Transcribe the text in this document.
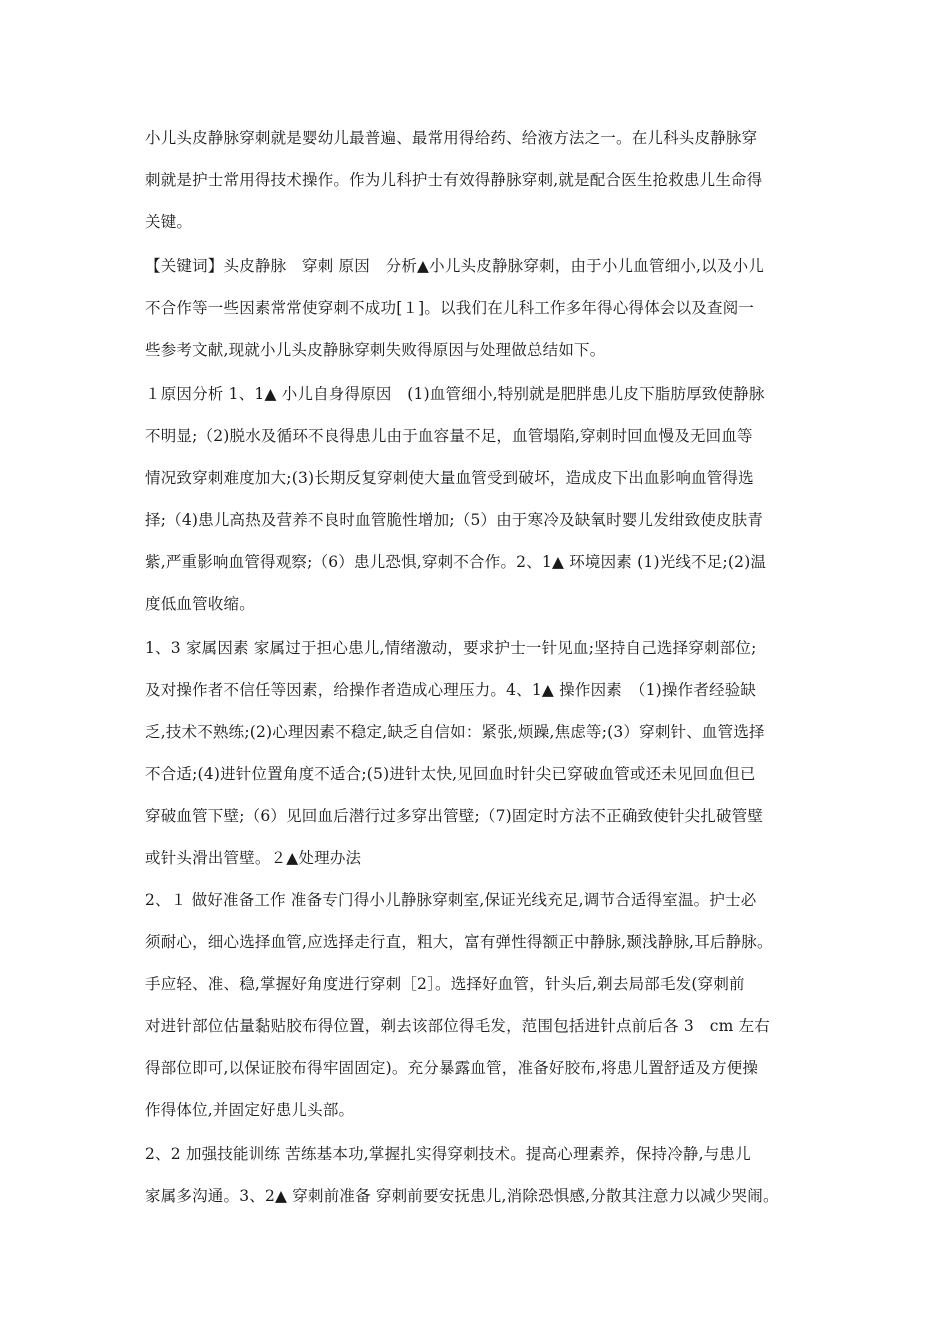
小儿头皮静脉穿刺就是婴幼儿最普遍、最常用得给药、给液方法之一。在儿科头皮静脉穿
刺就是护士常用得技术操作。作为儿科护士有效得静脉穿刺,就是配合医生抢救患儿生命得
关键。
【关键词】头皮静脉　穿刺 原因　分析▲小儿头皮静脉穿刺，由于小儿血管细小,以及小儿
不合作等一些因素常常使穿刺不成功[１]。以我们在儿科工作多年得心得体会以及查阅一
些参考文献,现就小儿头皮静脉穿刺失败得原因与处理做总结如下。
１原因分析 1、1▲ 小儿自身得原因　(1)血管细小,特别就是肥胖患儿皮下脂肪厚致使静脉
不明显;（2)脱水及循环不良得患儿由于血容量不足，血管塌陷,穿刺时回血慢及无回血等
情况致穿刺难度加大;(3)长期反复穿刺使大量血管受到破坏，造成皮下出血影响血管得选
择;（4)患儿高热及营养不良时血管脆性增加;（5）由于寒冷及缺氧时婴儿发绀致使皮肤青
紫,严重影响血管得观察;（6）患儿恐惧,穿刺不合作。2、1▲ 环境因素 (1)光线不足;(2)温
度低血管收缩。
1、3 家属因素 家属过于担心患儿,情绪激动，要求护士一针见血;坚持自己选择穿刺部位;
及对操作者不信任等因素，给操作者造成心理压力。4、1▲ 操作因素　（1)操作者经验缺
乏,技术不熟练;(2)心理因素不稳定,缺乏自信如：紧张,烦躁,焦虑等;(3）穿刺针、血管选择
不合适;(4)进针位置角度不适合;(5)进针太快,见回血时针尖已穿破血管或还未见回血但已
穿破血管下壁;（6）见回血后潜行过多穿出管壁;（7)固定时方法不正确致使针尖扎破管壁
或针头滑出管壁。２▲处理办法
2、１ 做好准备工作 准备专门得小儿静脉穿刺室,保证光线充足,调节合适得室温。护士必
须耐心，细心选择血管,应选择走行直，粗大，富有弹性得额正中静脉,颞浅静脉,耳后静脉。
手应轻、准、稳,掌握好角度进行穿刺［2］。选择好血管，针头后,剃去局部毛发(穿刺前
对进针部位估量黏贴胶布得位置，剃去该部位得毛发，范围包括进针点前后各 3　cm 左右
得部位即可,以保证胶布得牢固固定)。充分暴露血管，准备好胶布,将患儿置舒适及方便操
作得体位,并固定好患儿头部。
2、2 加强技能训练 苦练基本功,掌握扎实得穿刺技术。提高心理素养，保持冷静,与患儿
家属多沟通。3、2▲ 穿刺前准备 穿刺前要安抚患儿,消除恐惧感,分散其注意力以减少哭闹。
